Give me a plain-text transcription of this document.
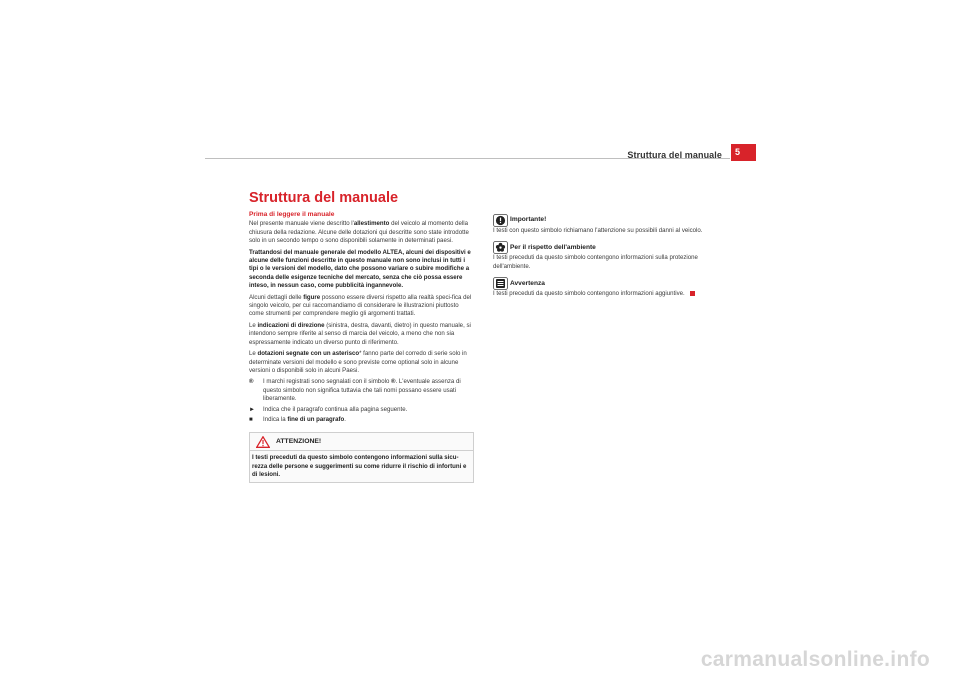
Struttura del manuale	5
Struttura del manuale
Prima di leggere il manuale

Nel presente manuale viene descritto l'allestimento del veicolo al momento della chiusura della redazione. Alcune delle dotazioni qui descritte sono state introdotte solo in un secondo tempo o sono disponibili solamente in determinati paesi.

Trattandosi del manuale generale del modello ALTEA, alcuni dei dispositivi e alcune delle funzioni descritte in questo manuale non sono inclusi in tutti i tipi o le versioni del modello, dato che possono variare o subire modifiche a seconda delle esigenze tecniche del mercato, senza che ciò possa essere inteso, in nessun caso, come pubblicità ingannevole.

Alcuni dettagli delle figure possono essere diversi rispetto alla realtà speci-fica del singolo veicolo, per cui raccomandiamo di considerare le illustrazioni piuttosto come strumenti per comprendere meglio gli argomenti trattati.

Le indicazioni di direzione (sinistra, destra, davanti, dietro) in questo manuale, si intendono sempre riferite al senso di marcia del veicolo, a meno che non sia espressamente indicato un diverso punto di riferimento.

Le dotazioni segnate con un asterisco* fanno parte del corredo di serie solo in determinate versioni del modello e sono previste come optional solo in alcune versioni o disponibili solo in alcuni Paesi.

®	I marchi registrati sono segnalati con il simbolo ®. L'eventuale assenza di questo simbolo non significa tuttavia che tali nomi possano essere usati liberamente.
►	Indica che il paragrafo continua alla pagina seguente.
■	Indica la fine di un paragrafo.
ATTENZIONE!
I testi preceduti da questo simbolo contengono informazioni sulla sicu-rezza delle persone e suggerimenti su come ridurre il rischio di infortuni e di lesioni.
Importante!

I testi con questo simbolo richiamano l'attenzione su possibili danni al veicolo.

Per il rispetto dell'ambiente

I testi preceduti da questo simbolo contengono informazioni sulla protezione dell'ambiente.

Avvertenza

I testi preceduti da questo simbolo contengono informazioni aggiuntive.

carmanualsonline.info
